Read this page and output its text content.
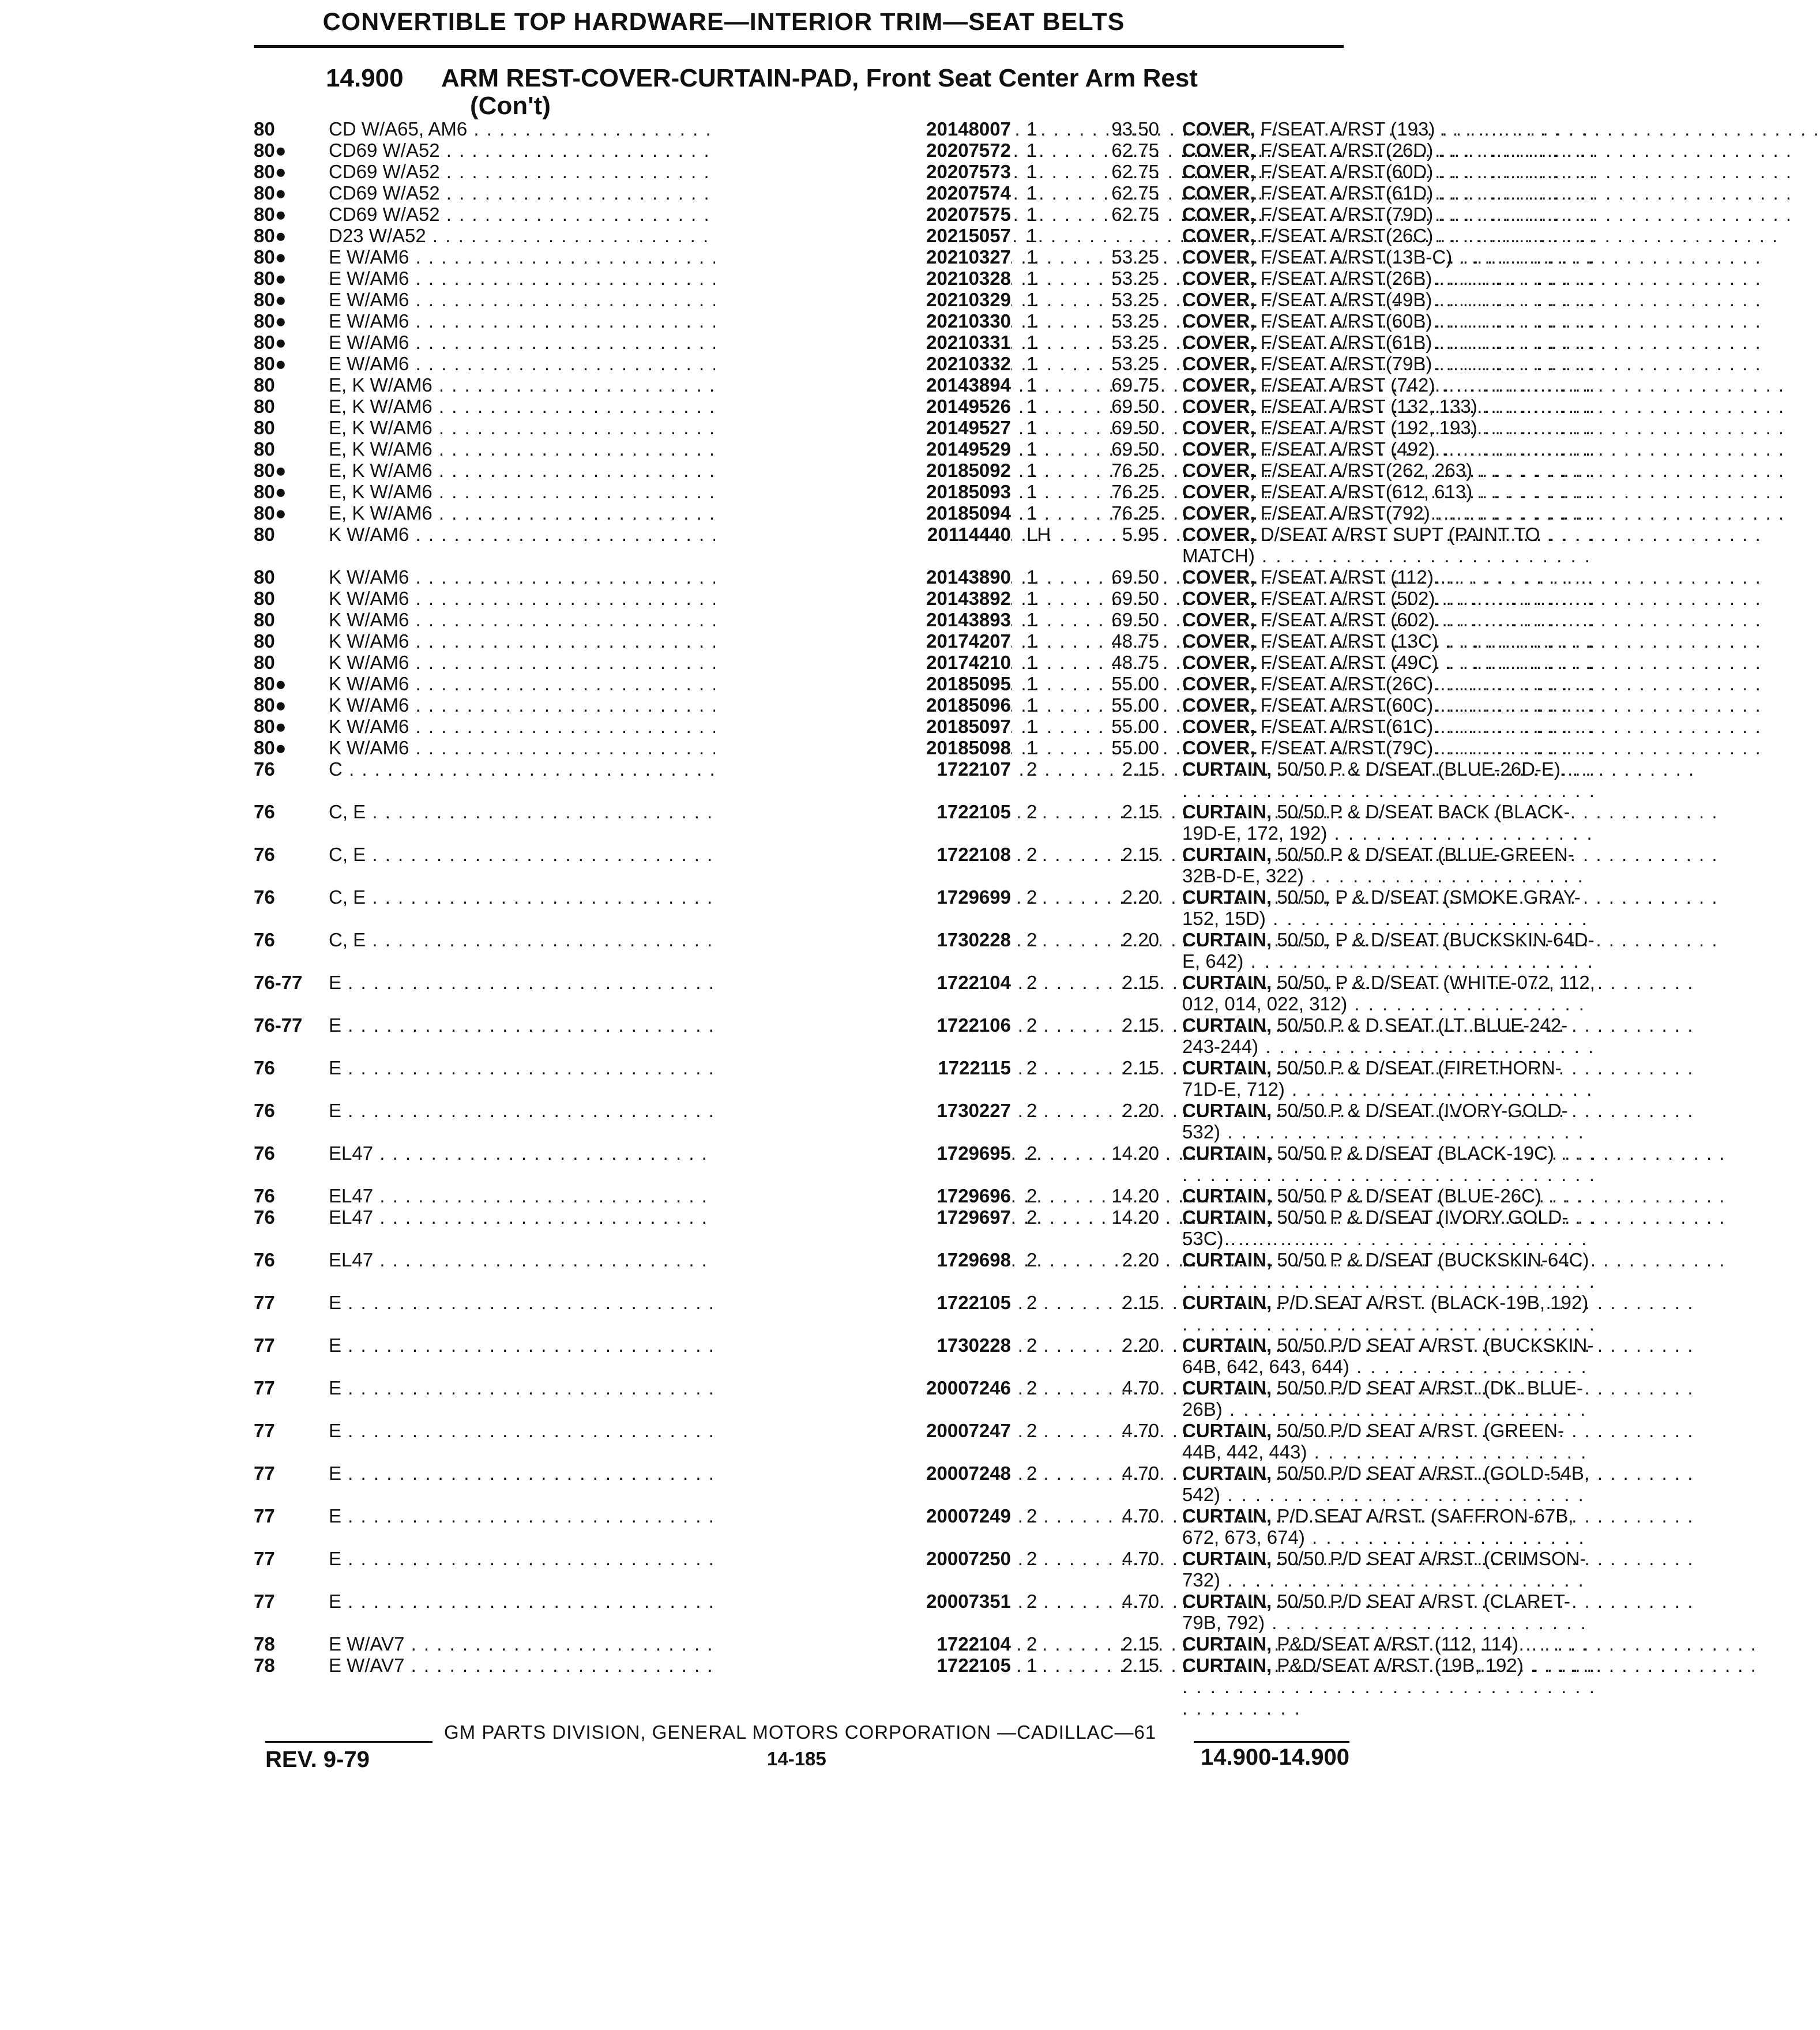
CONVERTIBLE TOP HARDWARE—INTERIOR TRIM—SEAT BELTS
14.900 ARM REST-COVER-CURTAIN-PAD, Front Seat Center Arm Rest
(Con't)
80	CD W/A65, AM6 . . .	20148007 1	93.50 COVER, F/SEAT A/RST (193) . . .
80●	CD69 W/A52 . . .	20207572 1	62.75 COVER, F/SEAT A/RST(26D) . . .
80●	CD69 W/A52 . . .	20207573 1	62.75 COVER, F/SEAT A/RST(60D) . . .
80●	CD69 W/A52 . . .	20207574 1	62.75 COVER, F/SEAT A/RST(61D) . . .
80●	CD69 W/A52 . . .	20207575 1	62.75 COVER, F/SEAT A/RST(79D) . . .
80●	D23 W/A52 . . .	20215057 1	COVER, F/SEAT A/RST(26C) . . .
80●	E W/AM6 . . .	20210327 1	53.25 COVER, F/SEAT A/RST(13B-C) . . .
80●	E W/AM6 . . .	20210328 1	53.25 COVER, F/SEAT A/RST(26B) . . .
80●	E W/AM6 . . .	20210329 1	53.25 COVER, F/SEAT A/RST(49B) . . .
80●	E W/AM6 . . .	20210330 1	53.25 COVER, F/SEAT A/RST(60B) . . .
80●	E W/AM6 . . .	20210331 1	53.25 COVER, F/SEAT A/RST(61B) . . .
80●	E W/AM6 . . .	20210332 1	53.25 COVER, F/SEAT A/RST(79B) . . .
80	E, K W/AM6 . . .	20143894 1	69.75 COVER, F/SEAT A/RST (742) . . .
80	E, K W/AM6 . . .	20149526 1	69.50 COVER, F/SEAT A/RST (132, 133) . . .
80	E, K W/AM6 . . .	20149527 1	69.50 COVER, F/SEAT A/RST (192, 193) . . .
80	E, K W/AM6 . . .	20149529 1	69.50 COVER, F/SEAT A/RST (492) . . .
80●	E, K W/AM6 . . .	20185092 1	76.25 COVER, F/SEAT A/RST(262, 263) . . .
80●	E, K W/AM6 . . .	20185093 1	76.25 COVER, F/SEAT A/RST(612, 613) . . .
80●	E, K W/AM6 . . .	20185094 1	76.25 COVER, F/SEAT A/RST(792) . . .
80	K W/AM6 . . .	20114440 LH	5.95 COVER, D/SEAT A/RST SUPT (PAINT TO MATCH) . . .
80	K W/AM6 . . .	20143890 1	69.50 COVER, F/SEAT A/RST (112) . . .
80	K W/AM6 . . .	20143892 1	69.50 COVER, F/SEAT A/RST (502) . . .
80	K W/AM6 . . .	20143893 1	69.50 COVER, F/SEAT A/RST (602) . . .
80	K W/AM6 . . .	20174207 1	48.75 COVER, F/SEAT A/RST (13C) . . .
80	K W/AM6 . . .	20174210 1	48.75 COVER, F/SEAT A/RST (49C) . . .
80●	K W/AM6 . . .	20185095 1	55.00 COVER, F/SEAT A/RST(26C) . . .
80●	K W/AM6 . . .	20185096 1	55.00 COVER, F/SEAT A/RST(60C) . . .
80●	K W/AM6 . . .	20185097 1	55.00 COVER, F/SEAT A/RST(61C) . . .
80●	K W/AM6 . . .	20185098 1	55.00 COVER, F/SEAT A/RST(79C) . . .
76	C . . .	1722107 2	2.15 CURTAIN, 50/50 P & D/SEAT (BLUE-26D-E) . . .
76	C, E . . .	1722105 2	2.15 CURTAIN, 50/50 P & D/SEAT BACK (BLACK-19D-E, 172, 192) . . .
76	C, E . . .	1722108 2	2.15 CURTAIN, 50/50 P & D/SEAT (BLUE-GREEN-32B-D-E, 322) . . .
76	C, E . . .	1729699 2	2.20 CURTAIN, 50/50, P & D/SEAT (SMOKE GRAY-152, 15D) . . .
76	C, E . . .	1730228 2	2.20 CURTAIN, 50/50, P & D/SEAT (BUCKSKIN-64D-E, 642) . . .
76-77	E . . .	1722104 2	2.15 CURTAIN, 50/50, P & D/SEAT (WHITE-072, 112, 012, 014, 022, 312) . . .
76-77	E . . .	1722106 2	2.15 CURTAIN, 50/50 P & D SEAT (LT. BLUE-242-243-244) . . .
76	E . . .	1722115 2	2.15 CURTAIN, 50/50 P & D/SEAT (FIRETHORN-71D-E, 712) . . .
76	E . . .	1730227 2	2.20 CURTAIN, 50/50 P & D/SEAT (IVORY-GOLD-532) . . .
76	EL47 . . .	1729695 2	14.20 CURTAIN, 50/50 P & D/SEAT (BLACK-19C) . . .
76	EL47 . . .	1729696 2	14.20 CURTAIN, 50/50 P & D/SEAT (BLUE-26C) . . .
76	EL47 . . .	1729697 2	14.20 CURTAIN, 50/50 P & D/SEAT (IVORY GOLD-53C) . . .
76	EL47 . . .	1729698 2	2.20 CURTAIN, 50/50 P & D/SEAT (BUCKSKIN-64C) . . .
77	E . . .	1722105 2	2.15 CURTAIN, P/D SEAT A/RST. (BLACK-19B, 192) . . .
77	E . . .	1730228 2	2.20 CURTAIN, 50/50 P/D SEAT A/RST. (BUCKSKIN-64B, 642, 643, 644) . . .
77	E . . .	20007246 2	4.70 CURTAIN, 50/50 P/D SEAT A/RST. (DK. BLUE-26B) . . .
77	E . . .	20007247 2	4.70 CURTAIN, 50/50 P/D SEAT A/RST. (GREEN-44B, 442, 443) . . .
77	E . . .	20007248 2	4.70 CURTAIN, 50/50 P/D SEAT A/RST. (GOLD-54B, 542) . . .
77	E . . .	20007249 2	4.70 CURTAIN, P/D SEAT A/RST. (SAFFRON-67B, 672, 673, 674) . . .
77	E . . .	20007250 2	4.70 CURTAIN, 50/50 P/D SEAT A/RST. (CRIMSON-732) . . .
77	E . . .	20007351 2	4.70 CURTAIN, 50/50 P/D SEAT A/RST. (CLARET-79B, 792) . . .
78	E W/AV7 . . .	1722104 2	2.15 CURTAIN, P&D/SEAT A/RST (112, 114) . . .
78	E W/AV7 . . .	1722105 1	2.15 CURTAIN, P&D/SEAT A/RST (19B, 192) . . .
GM PARTS DIVISION, GENERAL MOTORS CORPORATION —CADILLAC—61
REV. 9-79	14-185	14.900-14.900
